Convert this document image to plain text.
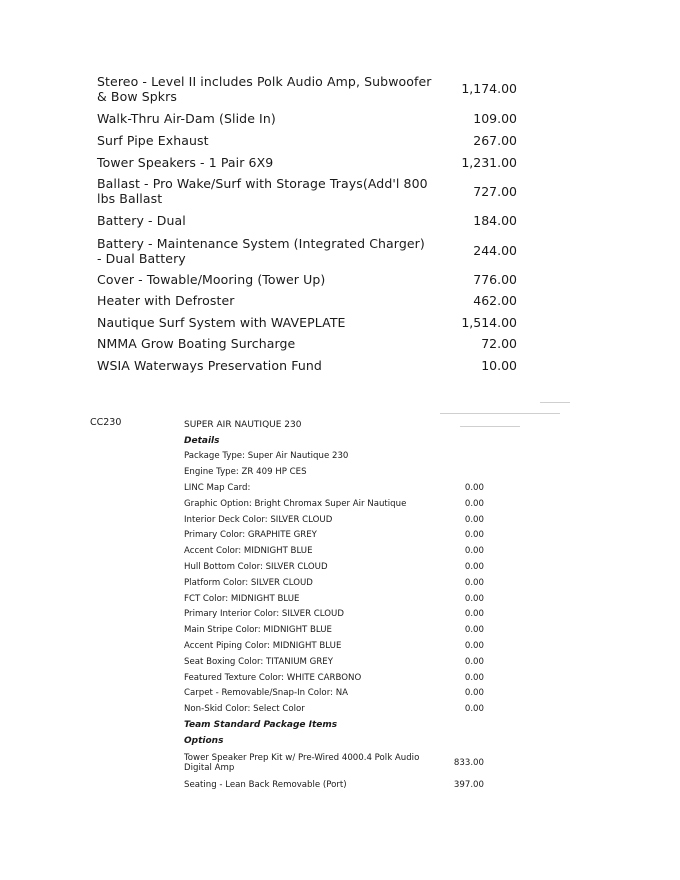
Stereo - Level II includes Polk Audio Amp, Subwoofer & Bow Spkrs	1,174.00
Walk-Thru Air-Dam (Slide In)	109.00
Surf Pipe Exhaust	267.00
Tower Speakers - 1 Pair 6X9	1,231.00
Ballast - Pro Wake/Surf with Storage Trays(Add'l 800 lbs Ballast	727.00
Battery - Dual	184.00
Battery - Maintenance System (Integrated Charger) - Dual Battery	244.00
Cover - Towable/Mooring (Tower Up)	776.00
Heater with Defroster	462.00
Nautique Surf System with WAVEPLATE	1,514.00
NMMA Grow Boating Surcharge	72.00
WSIA Waterways Preservation Fund	10.00
CC230	SUPER AIR NAUTIQUE 230
Details
Package Type: Super Air Nautique 230
Engine Type: ZR 409 HP CES
LINC Map Card:	0.00
Graphic Option: Bright Chromax Super Air Nautique	0.00
Interior Deck Color: SILVER CLOUD	0.00
Primary Color: GRAPHITE GREY	0.00
Accent Color: MIDNIGHT BLUE	0.00
Hull Bottom Color: SILVER CLOUD	0.00
Platform Color: SILVER CLOUD	0.00
FCT Color: MIDNIGHT BLUE	0.00
Primary Interior Color: SILVER CLOUD	0.00
Main Stripe Color: MIDNIGHT BLUE	0.00
Accent Piping Color: MIDNIGHT BLUE	0.00
Seat Boxing Color: TITANIUM GREY	0.00
Featured Texture Color: WHITE CARBONO	0.00
Carpet - Removable/Snap-In Color: NA	0.00
Non-Skid Color: Select Color	0.00
Team Standard Package Items
Options
Tower Speaker Prep Kit w/ Pre-Wired 4000.4 Polk Audio Digital Amp	833.00
Seating - Lean Back Removable (Port)	397.00
